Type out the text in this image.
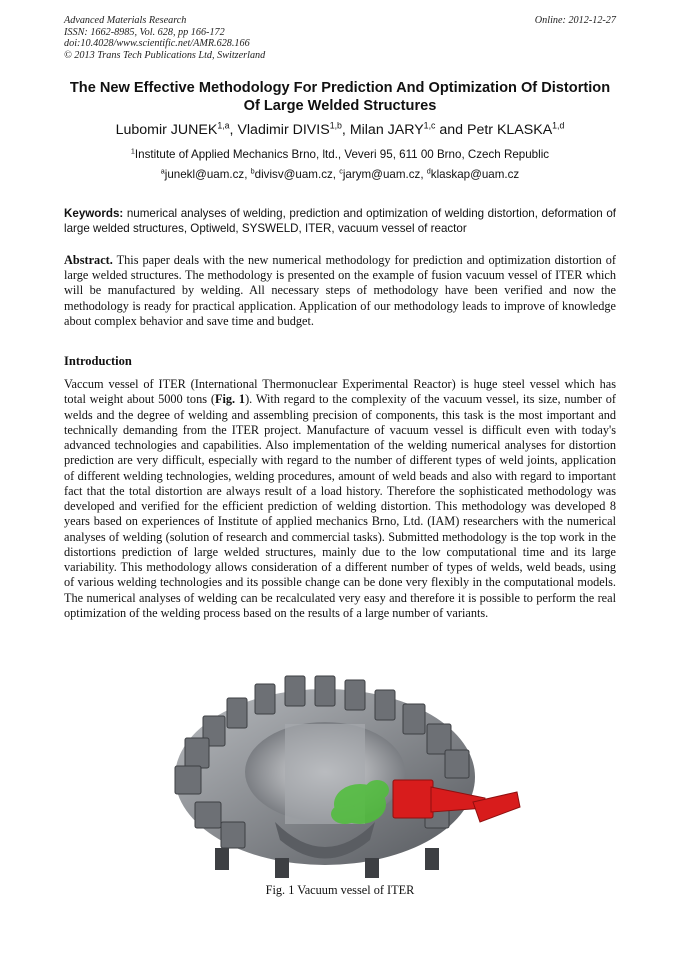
Advanced Materials Research
ISSN: 1662-8985, Vol. 628, pp 166-172
doi:10.4028/www.scientific.net/AMR.628.166
© 2013 Trans Tech Publications Ltd, Switzerland
Online: 2012-12-27
The New Effective Methodology For Prediction And Optimization Of Distortion Of Large Welded Structures
Lubomir JUNEK$^{1,a}$, Vladimir DIVIS$^{1,b}$, Milan JARY$^{1,c}$ and Petr KLASKA$^{1,d}$
$^1$Institute of Applied Mechanics Brno, ltd., Veveri 95, 611 00 Brno, Czech Republic
$^a$junekl@uam.cz, $^b$divisv@uam.cz, $^c$jarym@uam.cz, $^d$klaskap@uam.cz
Keywords: numerical analyses of welding, prediction and optimization of welding distortion, deformation of large welded structures, Optiweld, SYSWELD, ITER, vacuum vessel of reactor
Abstract. This paper deals with the new numerical methodology for prediction and optimization distortion of large welded structures. The methodology is presented on the example of fusion vacuum vessel of ITER which will be manufactured by welding. All necessary steps of methodology have been verified and now the methodology is ready for practical application. Application of our methodology leads to improve of knowledge about complex behavior and save time and budget.
Introduction
Vaccum vessel of ITER (International Thermonuclear Experimental Reactor) is huge steel vessel which has total weight about 5000 tons (Fig. 1). With regard to the complexity of the vacuum vessel, its size, number of welds and the degree of welding and assembling precision of components, this task is the most important and technically demanding from the ITER project. Manufacture of vacuum vessel is difficult even with today's advanced technologies and capabilities. Also implementation of the welding numerical analyses for distortion prediction are very difficult, especially with regard to the number of different types of weld joints, application of different welding technologies, welding procedures, amount of weld beads and also with regard to important fact that the total distortion are always result of a load history. Therefore the sophisticated methodology was developed and verified for the efficient prediction of welding distortion. This methodology was developed 8 years based on experiences of Institute of applied mechanics Brno, Ltd. (IAM) researchers with the numerical analyses of welding (solution of research and commercial tasks). Submitted methodology is the top work in the distortions prediction of large welded structures, mainly due to the low computational time and its large variability. This methodology allows consideration of a different number of types of welds, weld beads, using of various welding technologies and its possible change can be done very flexibly in the computational models. The numerical analyses of welding can be recalculated very easy and therefore it is possible to perform the real optimization of the welding process based on the results of a large number of variants.
Fig. 1 Vacuum vessel of ITER
